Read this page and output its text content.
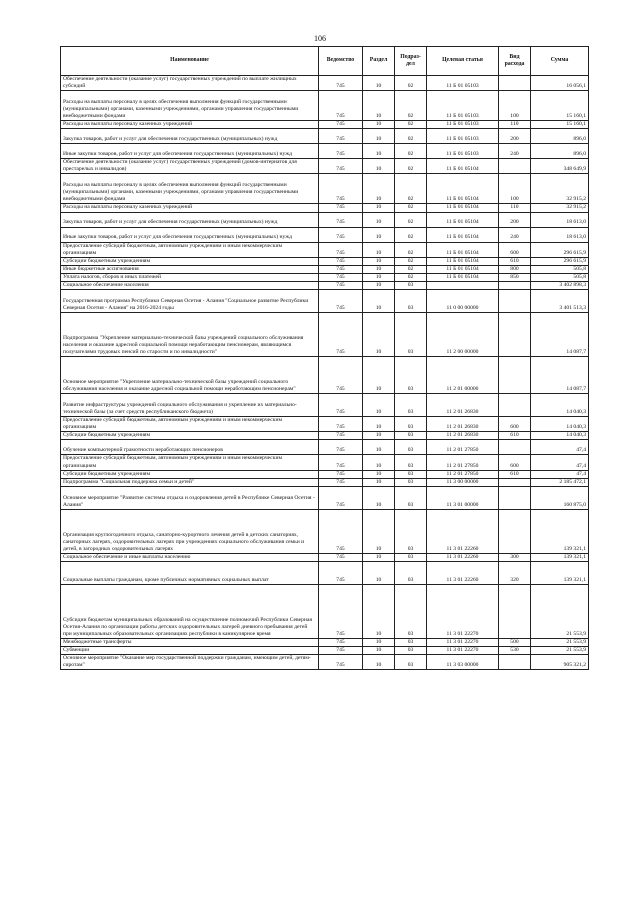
106
Наименование	Ведомство	Раздел	Подраз-дел	Целевая статья	Вид расхода	Сумма
Обеспечение деятельности (оказание услуг) государственных учреждений по выплате жилищных субсидий	745	10	02	11 Б 01 05103		16 056,1
Расходы на выплаты персоналу в целях обеспечения выполнения функций государственными (муниципальными) органами, казенными учреждениями, органами управления государственными внебюджетными фондами	745	10	02	11 Б 01 05103	100	15 160,1
Расходы на выплаты персоналу казенных учреждений	745	10	02	11 Б 01 05103	110	15 160,1
Закупка товаров, работ и услуг для обеспечения государственных (муниципальных) нужд	745	10	02	11 Б 01 05103	200	896,0
Иные закупки товаров, работ и услуг для обеспечения государственных (муниципальных) нужд	745	10	02	11 Б 01 05103	240	896,0
Обеспечение деятельности (оказание услуг) государственных учреждений (домов-интернатов для престарелых и инвалидов)	745	10	02	11 Б 01 05104		348 649,9
Расходы на выплаты персоналу в целях обеспечения выполнения функций государственными (муниципальными) органами, казенными учреждениями, органами управления государственными внебюджетными фондами	745	10	02	11 Б 01 05104	100	32 915,2
Расходы на выплаты персоналу казенных учреждений	745	10	02	11 Б 01 05104	110	32 915,2
Закупка товаров, работ и услуг для обеспечения государственных (муниципальных) нужд	745	10	02	11 Б 01 05104	200	18 613,0
Иные закупки товаров, работ и услуг для обеспечения государственных (муниципальных) нужд	745	10	02	11 Б 01 05104	240	18 613,0
Предоставление субсидий бюджетным, автономным учреждениям и иным некоммерческим организациям	745	10	02	11 Б 01 05104	600	296 615,9
Субсидии бюджетным учреждениям	745	10	02	11 Б 01 05104	610	296 615,9
Иные бюджетные ассигнования	745	10	02	11 Б 01 05104	800	505,8
Уплата налогов, сборов и иных платежей	745	10	02	11 Б 01 05104	850	505,8
Социальное обеспечение населения	745	10	03			3 402 898,3
Государственная программа Республики Северная Осетия - Алания "Социальное развитие Республики Северная Осетия - Алания" на 2016-2024 годы	745	10	03	11 0 00 00000		3 401 513,3
Подпрограмма "Укрепление материально-технической базы учреждений социального обслуживания населения и оказание адресной социальной помощи неработающим пенсионерам, являющимся получателями трудовых пенсий по старости и по инвалидности"	745	10	03	11 2 00 00000		14 087,7
Основное мероприятие "Укрепление материально-технической базы учреждений социального обслуживания населения и оказание адресной социальной помощи неработающим пенсионерам"	745	10	03	11 2 01 00000		14 087,7
Развитие инфраструктуры учреждений социального обслуживания и укрепление их материально-технической базы (за счет средств республиканского бюджета)	745	10	03	11 2 01 26830		14 040,3
Предоставление субсидий бюджетным, автономным учреждениям и иным некоммерческим организациям	745	10	03	11 2 01 26830	600	14 040,3
Субсидии бюджетным учреждениям	745	10	03	11 2 01 26830	610	14 040,3
Обучение компьютерной грамотности неработающих пенсионеров	745	10	03	11 2 01 27850		47,4
Предоставление субсидий бюджетным, автономным учреждениям и иным некоммерческим организациям	745	10	03	11 2 01 27850	600	47,4
Субсидии бюджетным учреждениям	745	10	03	11 2 01 27850	610	47,4
Подпрограмма "Социальная поддержка семьи и детей"	745	10	03	11 3 00 00000		2 185 472,1
Основное мероприятие "Развитие системы отдыха и оздоровления детей в Республике Северная Осетия - Алания"	745	10	03	11 3 01 00000		160 875,0
Организация круглогодичного отдыха, санаторно-курортного лечения детей в детских санаториях, санаторных лагерях, оздоровительных лагерях при учреждениях социального обслуживания семьи и детей, в загородных оздоровительных лагерях	745	10	03	11 3 01 22260		139 321,1
Социальное обеспечение и иные выплаты населению	745	10	03	11 3 01 22260	300	139 321,1
Социальные выплаты гражданам, кроме публичных нормативных социальных выплат	745	10	03	11 3 01 22260	320	139 321,1
Субсидии бюджетам муниципальных образований на осуществление полномочий Республики Северная Осетия-Алания по организации работы детских оздоровительных лагерей дневного пребывания детей при муниципальных образовательных организациях республики в каникулярное время	745	10	03	11 3 01 22270		21 553,9
Межбюджетные трансферты	745	10	03	11 3 01 22270	500	21 553,9
Субвенции	745	10	03	11 3 01 22270	530	21 553,9
Основное мероприятие "Оказание мер государственной поддержки гражданам, имеющим детей, детям-сиротам"	745	10	03	11 3 03 00000		905 321,2
